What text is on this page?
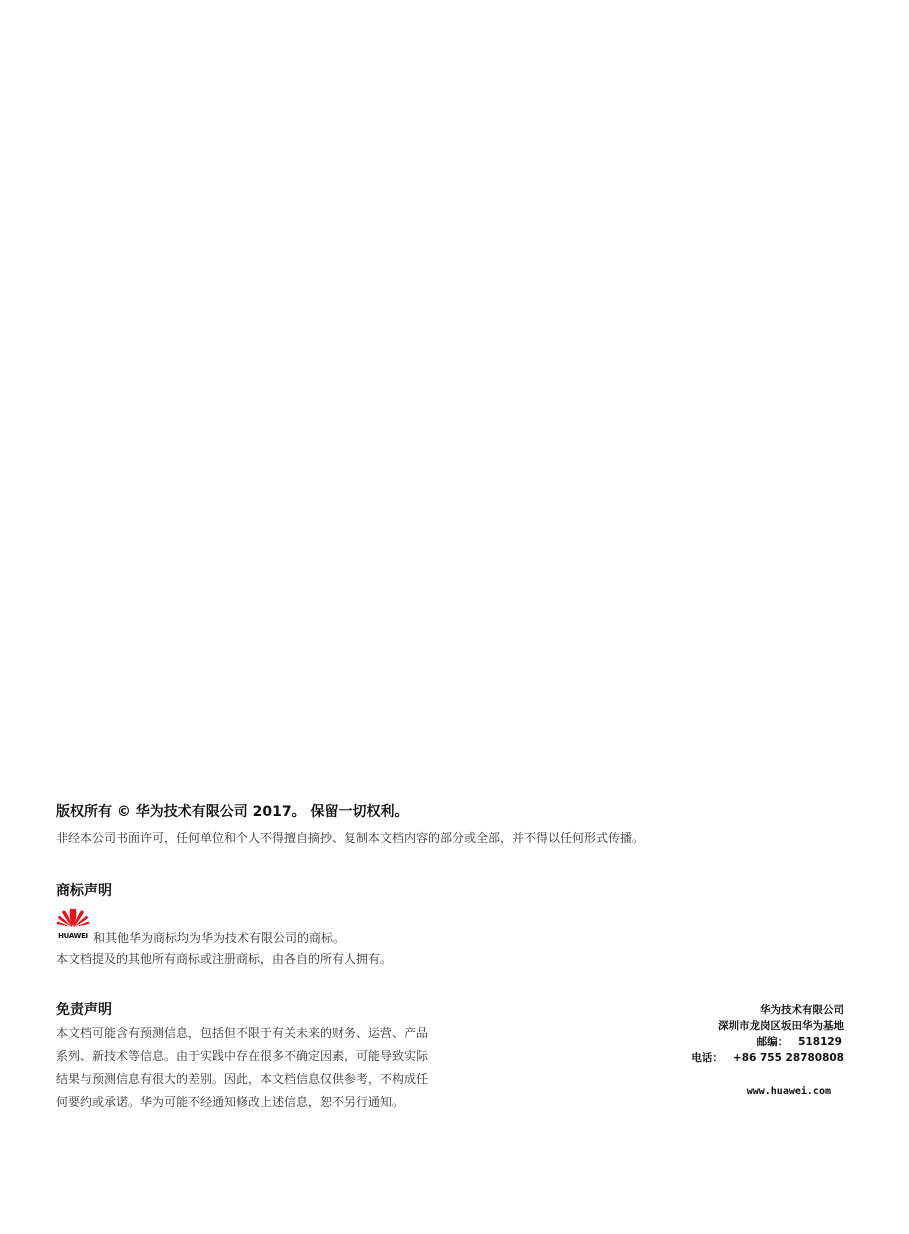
版权所有 © 华为技术有限公司 2017。 保留一切权利。
非经本公司书面许可，任何单位和个人不得擅自摘抄、复制本文档内容的部分或全部，并不得以任何形式传播。
商标声明
HUAWEI 和其他华为商标均为华为技术有限公司的商标。
本文档提及的其他所有商标或注册商标，由各自的所有人拥有。
免责声明
本文档可能含有预测信息，包括但不限于有关未来的财务、运营、产品
系列、新技术等信息。由于实践中存在很多不确定因素，可能导致实际
结果与预测信息有很大的差别。因此，本文档信息仅供参考，不构成任
何要约或承诺。华为可能不经通知修改上述信息，恕不另行通知。
华为技术有限公司
深圳市龙岗区坂田华为基地
邮编： 518129
电话： +86 755 28780808
www.huawei.com
